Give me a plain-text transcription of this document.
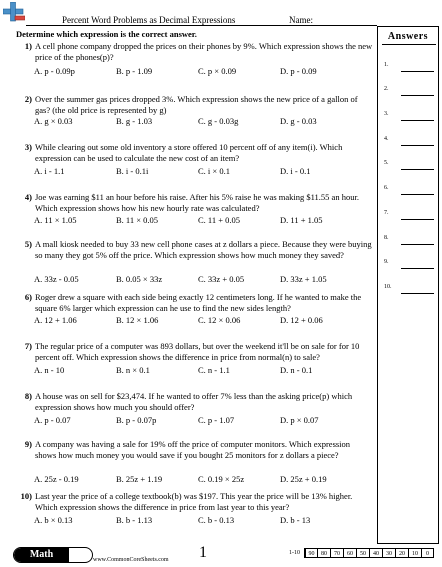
Percent Word Problems as Decimal Expressions	Name:
Determine which expression is the correct answer.
1) A cell phone company dropped the prices on their phones by 9%. Which expression shows the new price of the phones(p)?
A. p - 0.09p	B. p - 1.09	C. p × 0.09	D. p - 0.09
2) Over the summer gas prices dropped 3%. Which expression shows the new price of a gallon of gas? (the old price is represented by g)
A. g × 0.03	B. g - 1.03	C. g - 0.03g	D. g - 0.03
3) While clearing out some old inventory a store offered 10 percent off of any item(i). Which expression can be used to calculate the new cost of an item?
A. i - 1.1	B. i - 0.1i	C. i × 0.1	D. i - 0.1
4) Joe was earning $11 an hour before his raise. After his 5% raise he was making $11.55 an hour. Which expression shows how his new hourly rate was calculated?
A. 11 × 1.05	B. 11 × 0.05	C. 11 + 0.05	D. 11 + 1.05
5) A mall kiosk needed to buy 33 new cell phone cases at z dollars a piece. Because they were buying so many they got 5% off the price. Which expression shows how much money they saved?
A. 33z - 0.05	B. 0.05 × 33z	C. 33z + 0.05	D. 33z + 1.05
6) Roger drew a square with each side being exactly 12 centimeters long. If he wanted to make the square 6% larger which expression can he use to find the new sides length?
A. 12 + 1.06	B. 12 × 1.06	C. 12 × 0.06	D. 12 + 0.06
7) The regular price of a computer was 893 dollars, but over the weekend it'll be on sale for for 10 percent off. Which expression shows the difference in price from normal(n) to sale?
A. n - 10	B. n × 0.1	C. n - 1.1	D. n - 0.1
8) A house was on sell for $23,474. If he wanted to offer 7% less than the asking price(p) which expression shows how much you should offer?
A. p - 0.07	B. p - 0.07p	C. p - 1.07	D. p × 0.07
9) A company was having a sale for 19% off the price of computer monitors. Which expression shows how much money you would save if you bought 25 monitors for z dollars a piece?
A. 25z - 0.19	B. 25z + 1.19	C. 0.19 × 25z	D. 25z + 0.19
10) Last year the price of a college textbook(b) was $197. This year the price will be 13% higher. Which expression shows the difference in price from last year to this year?
A. b × 0.13	B. b - 1.13	C. b - 0.13	D. b - 13
Answers
1.
2.
3.
4.
5.
6.
7.
8.
9.
10.
Math	www.CommonCoreSheets.com 1	1-10	90	80	70	60	50	40	30	20	10	0
